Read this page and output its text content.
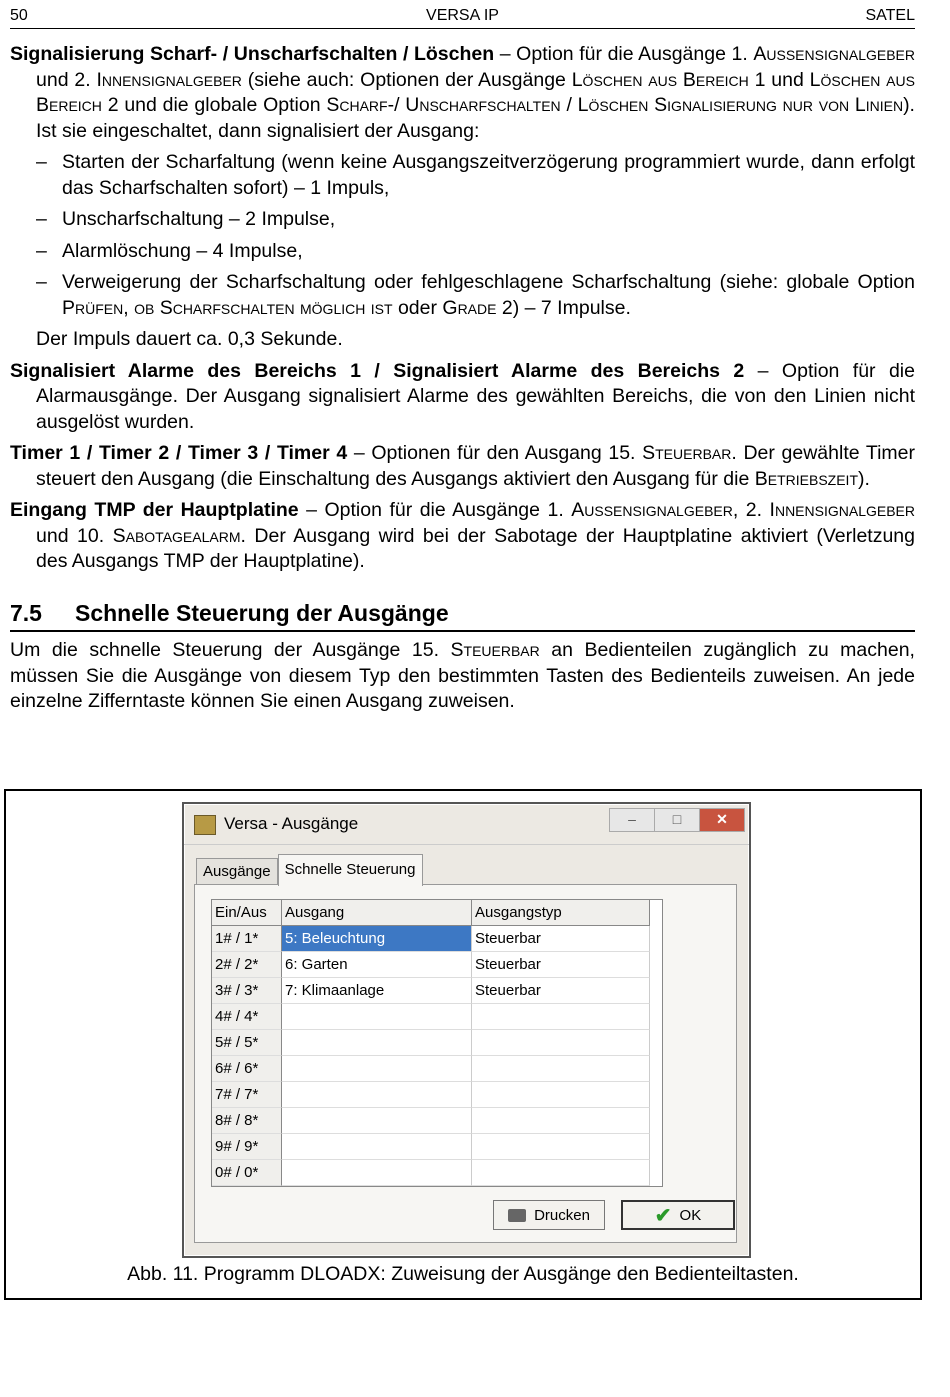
50	VERSA IP	SATEL

Signalisierung Scharf- / Unscharfschalten / Löschen – Option für die Ausgänge 1. Außensignalgeber und 2. Innensignalgeber (siehe auch: Optionen der Ausgänge Löschen aus Bereich 1 und Löschen aus Bereich 2 und die globale Option Scharf-/ Unscharfschalten / Löschen Signalisierung nur von Linien). Ist sie eingeschaltet, dann signalisiert der Ausgang:

– Starten der Scharfaltung (wenn keine Ausgangszeitverzögerung programmiert wurde, dann erfolgt das Scharfschalten sofort) – 1 Impuls,
– Unscharfschaltung – 2 Impulse,
– Alarmlöschung – 4 Impulse,
– Verweigerung der Scharfschaltung oder fehlgeschlagene Scharfschaltung (siehe: globale Option Prüfen, ob Scharfschalten möglich ist oder Grade 2) – 7 Impulse.

Der Impuls dauert ca. 0,3 Sekunde.

Signalisiert Alarme des Bereichs 1 / Signalisiert Alarme des Bereichs 2 – Option für die Alarmausgänge. Der Ausgang signalisiert Alarme des gewählten Bereichs, die von den Linien nicht ausgelöst wurden.

Timer 1 / Timer 2 / Timer 3 / Timer 4 – Optionen für den Ausgang 15. Steuerbar. Der gewählte Timer steuert den Ausgang (die Einschaltung des Ausgangs aktiviert den Ausgang für die Betriebszeit).

Eingang TMP der Hauptplatine – Option für die Ausgänge 1. Außensignalgeber, 2. Innensignalgeber und 10. Sabotagealarm. Der Ausgang wird bei der Sabotage der Hauptplatine aktiviert (Verletzung des Ausgangs TMP der Hauptplatine).

7.5	Schnelle Steuerung der Ausgänge

Um die schnelle Steuerung der Ausgänge 15. Steuerbar an Bedienteilen zugänglich zu machen, müssen Sie die Ausgänge von diesem Typ den bestimmten Tasten des Bedienteils zuweisen. An jede einzelne Zifferntaste können Sie einen Ausgang zuweisen.

Versa - Ausgänge	–	□	✕
Ausgänge Schnelle Steuerung
Ein/Aus	Ausgang	Ausgangstyp
1# / 1*	5: Beleuchtung	Steuerbar
2# / 2*	6: Garten	Steuerbar
3# / 3*	7: Klimaanlage	Steuerbar
4# / 4*
5# / 5*
6# / 6*
7# / 7*
8# / 8*
9# / 9*
0# / 0*
Drucken	✔ OK
Abb. 11. Programm DLOADX: Zuweisung der Ausgänge den Bedienteiltasten.
